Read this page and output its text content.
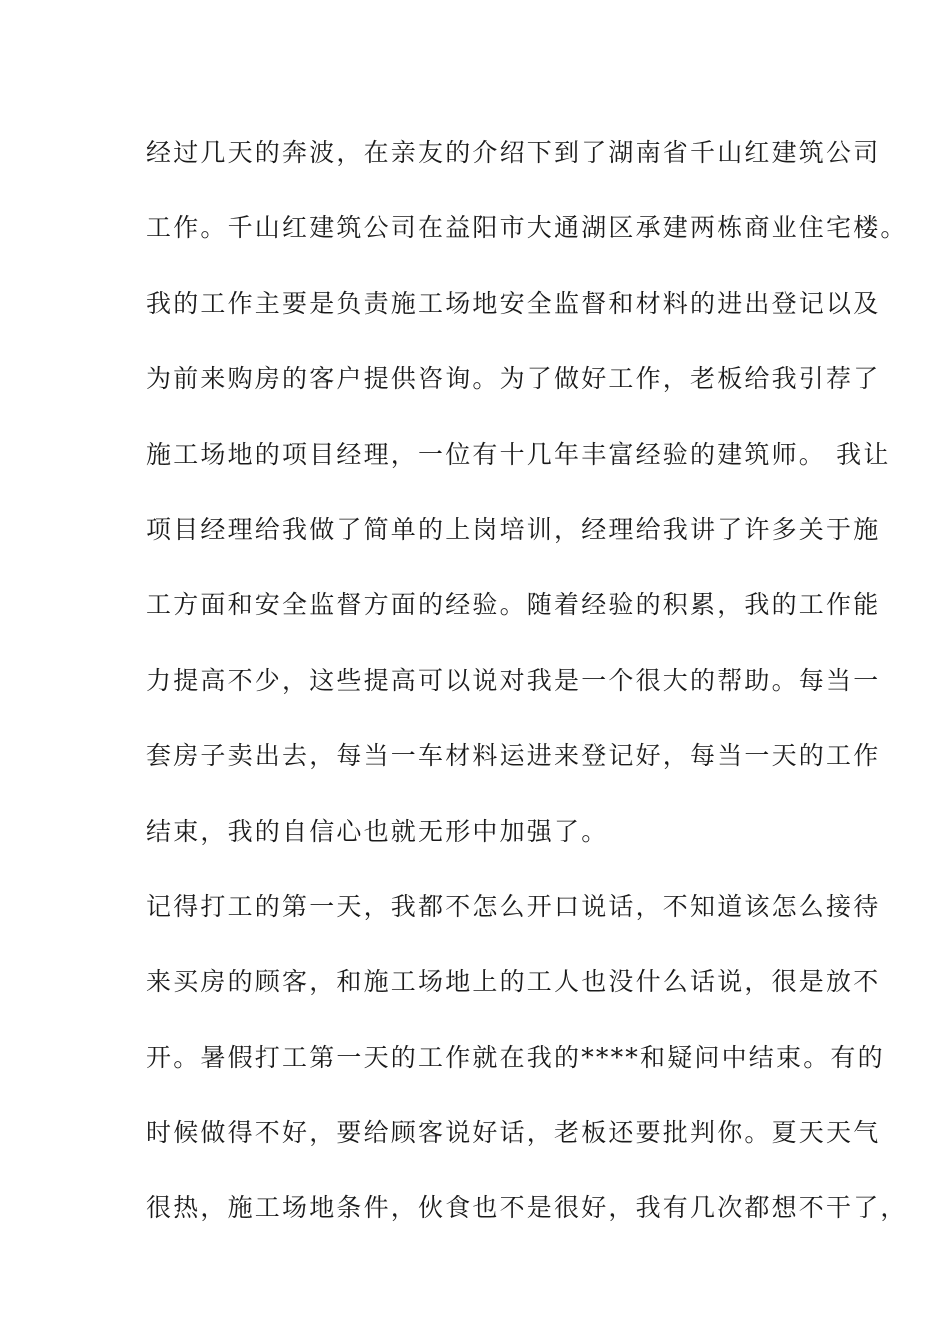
经过几天的奔波，在亲友的介绍下到了湖南省千山红建筑公司
工作。千山红建筑公司在益阳市大通湖区承建两栋商业住宅楼。
我的工作主要是负责施工场地安全监督和材料的进出登记以及
为前来购房的客户提供咨询。为了做好工作，老板给我引荐了
施工场地的项目经理，一位有十几年丰富经验的建筑师。 我让
项目经理给我做了简单的上岗培训，经理给我讲了许多关于施
工方面和安全监督方面的经验。随着经验的积累，我的工作能
力提高不少，这些提高可以说对我是一个很大的帮助。每当一
套房子卖出去，每当一车材料运进来登记好，每当一天的工作
结束，我的自信心也就无形中加强了。
记得打工的第一天，我都不怎么开口说话，不知道该怎么接待
来买房的顾客，和施工场地上的工人也没什么话说，很是放不
开。暑假打工第一天的工作就在我的****和疑问中结束。有的
时候做得不好，要给顾客说好话，老板还要批判你。夏天天气
很热，施工场地条件，伙食也不是很好，我有几次都想不干了，
